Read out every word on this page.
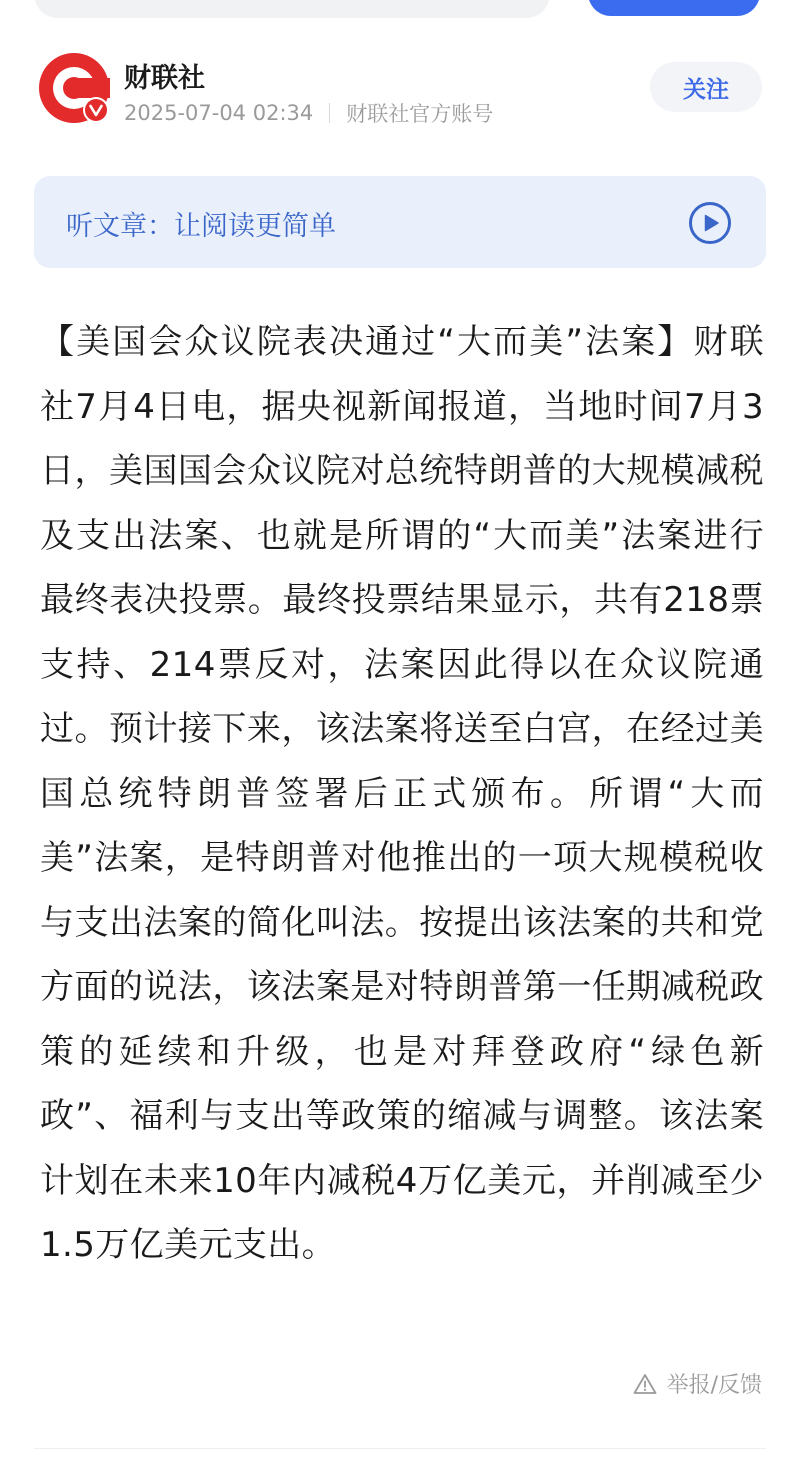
财联社
2025-07-04 02:34 财联社官方账号
关注
听文章：让阅读更简单

【美国会众议院表决通过“大而美”法案】财联社7月4日电，据央视新闻报道，当地时间7月3日，美国国会众议院对总统特朗普的大规模减税及支出法案、也就是所谓的“大而美”法案进行最终表决投票。最终投票结果显示，共有218票支持、214票反对，法案因此得以在众议院通过。预计接下来，该法案将送至白宫，在经过美国总统特朗普签署后正式颁布。所谓“大而美”法案，是特朗普对他推出的一项大规模税收与支出法案的简化叫法。按提出该法案的共和党方面的说法，该法案是对特朗普第一任期减税政策的延续和升级，也是对拜登政府“绿色新政”、福利与支出等政策的缩减与调整。该法案计划在未来10年内减税4万亿美元，并削减至少1.5万亿美元支出。

举报/反馈
